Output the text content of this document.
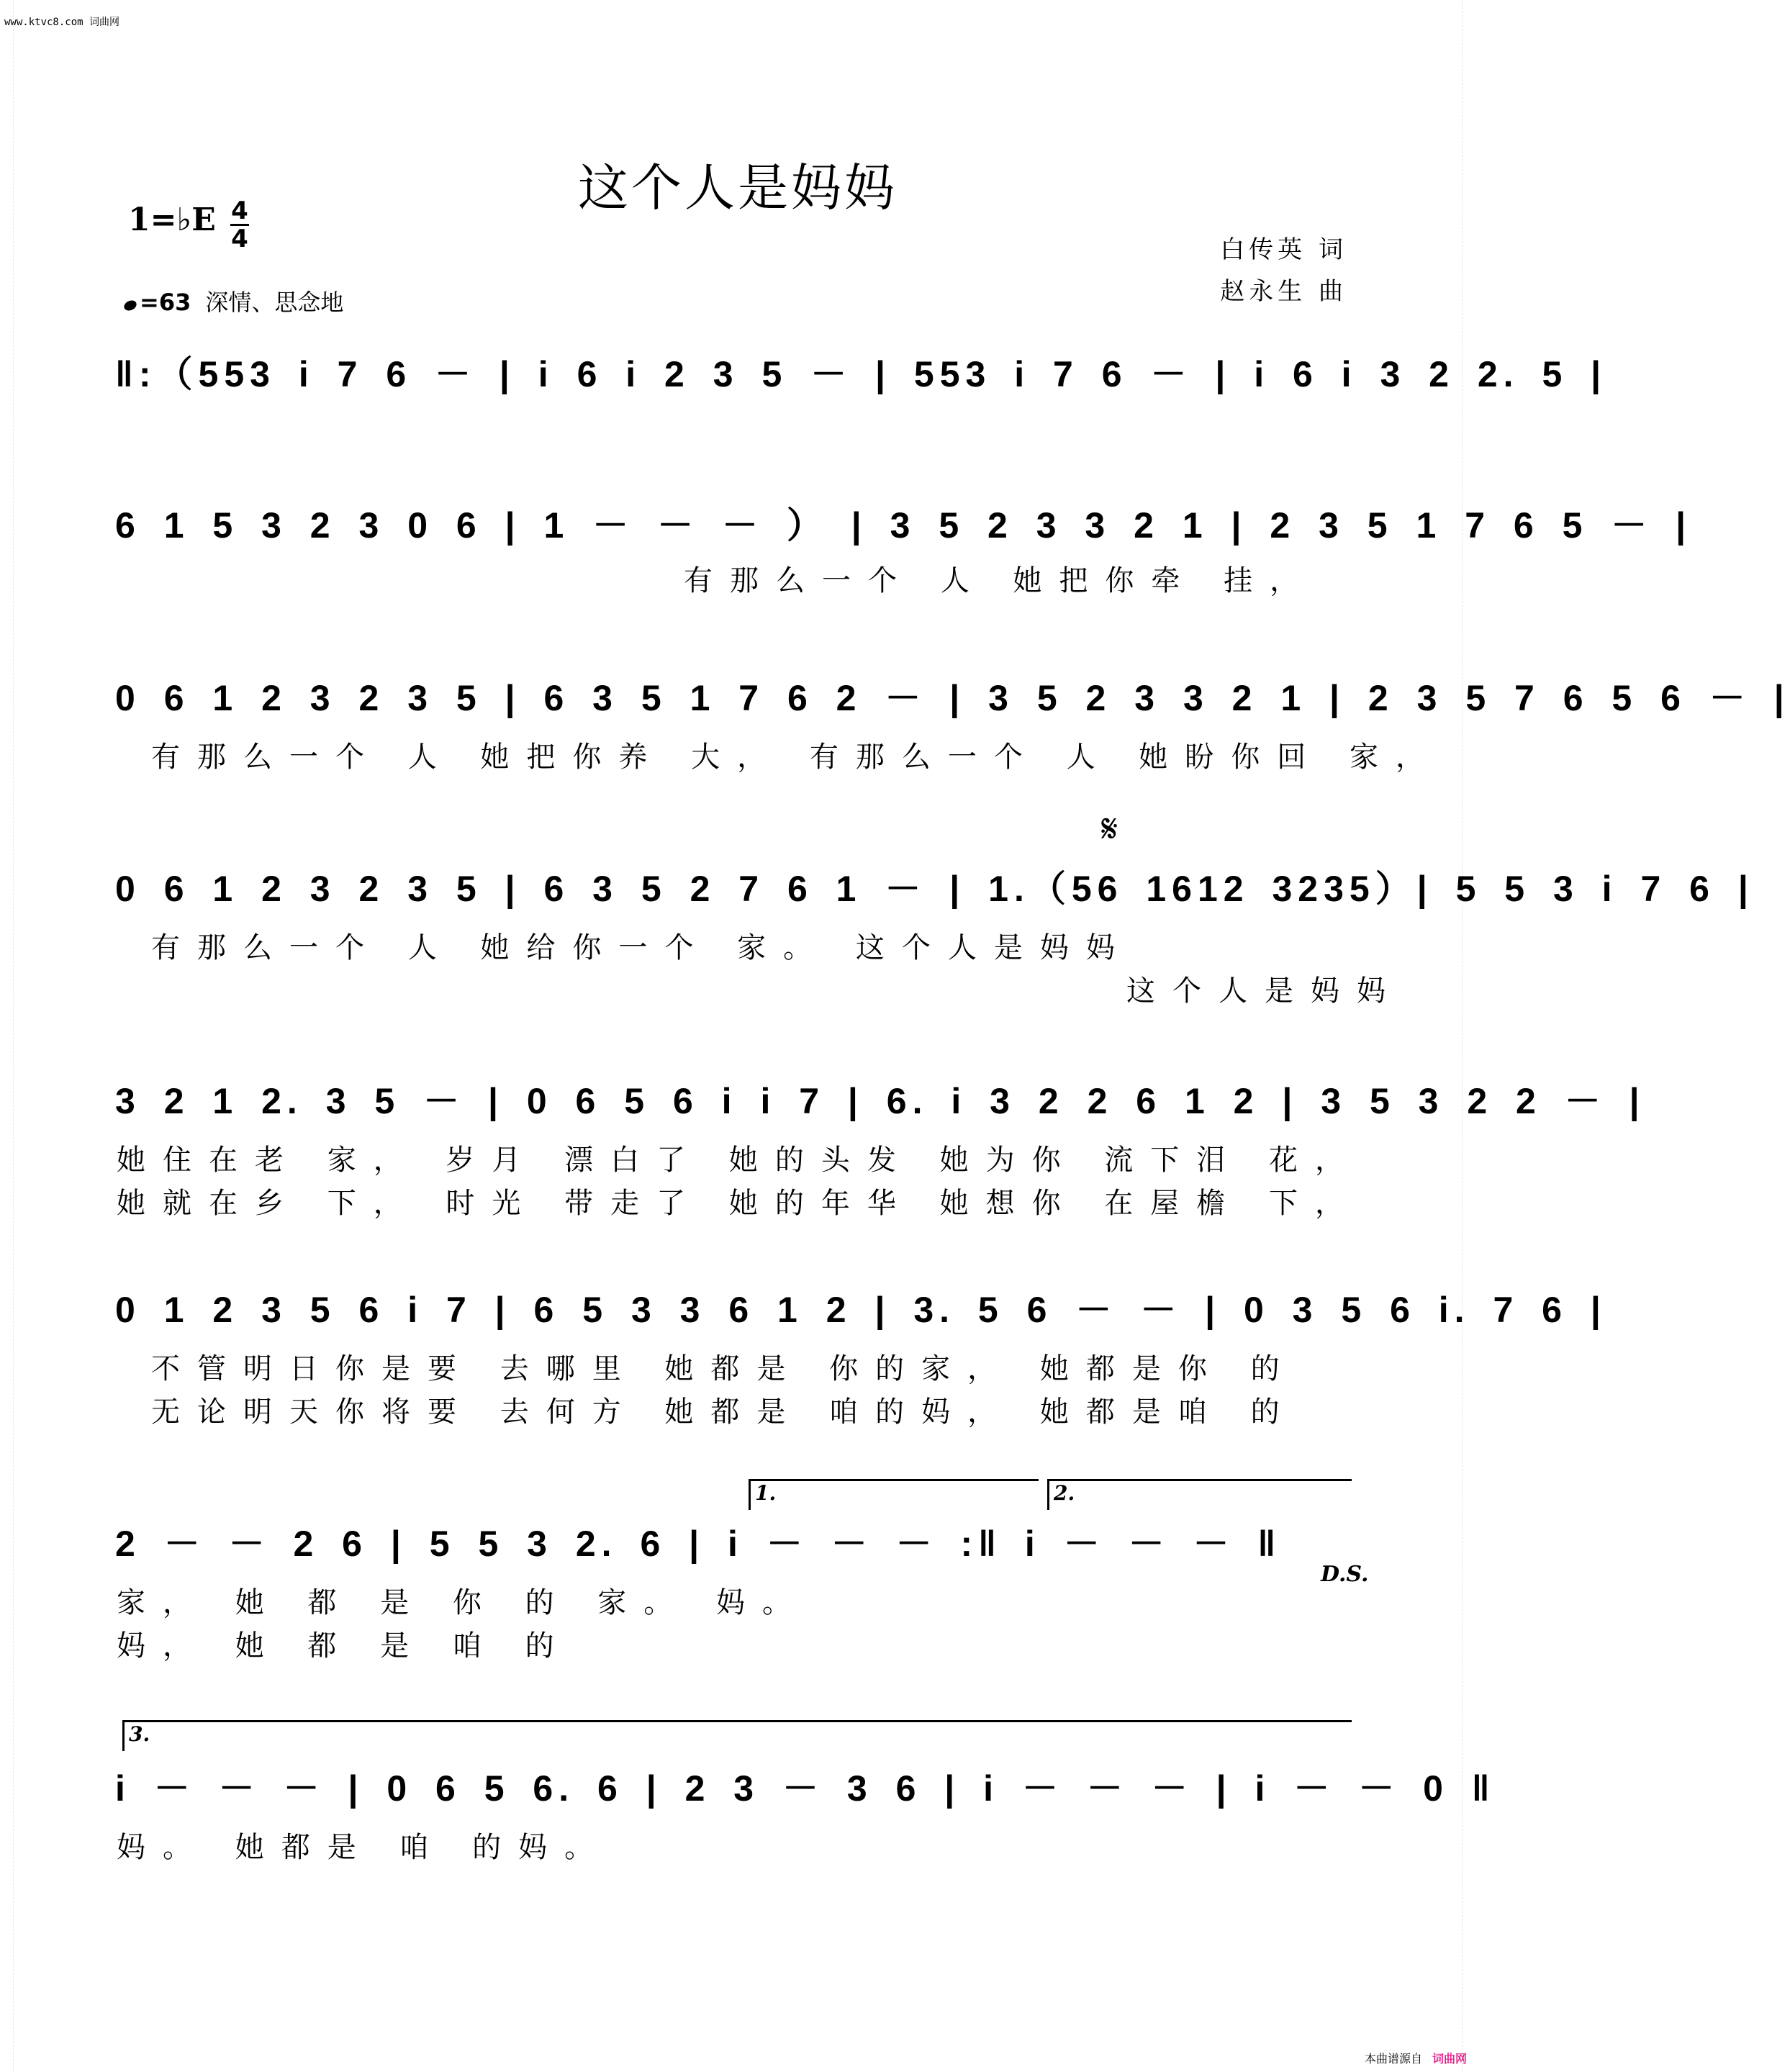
www.ktvc8.com 词曲网
这个人是妈妈
1=♭E 4
4
=63 深情、思念地
白传英 词
赵永生 曲
‖:（553 i 7 6 － | i 6 i 2 3 5 － | 553 i 7 6 － | i 6 i 3 2 2. 5 |
6 1 5 3 2 3 0 6 | 1 － － － ） | 3 5 2 3 3 2 1 | 2 3 5 1 7 6 5 － |
有那么一个 人 她把你牵 挂，
0 6 1 2 3 2 3 5 | 6 3 5 1 7 6 2 － | 3 5 2 3 3 2 1 | 2 3 5 7 6 5 6 － |
有那么一个 人 她把你养 大， 有那么一个 人 她盼你回 家，
𝄋
0 6 1 2 3 2 3 5 | 6 3 5 2 7 6 1 － | 1.（56 1612 3235）| 5 5 3 i 7 6 |
有那么一个 人 她给你一个 家。 这个人是妈妈
这个人是妈妈
3 2 1 2. 3 5 － | 0 6 5 6 i i 7 | 6. i 3 2 2 6 1 2 | 3 5 3 2 2 － |
她住在老 家， 岁月 漂白了 她的头发 她为你 流下泪 花，
她就在乡 下， 时光 带走了 她的年华 她想你 在屋檐 下，
0 1 2 3 5 6 i 7 | 6 5 3 3 6 1 2 | 3. 5 6 － － | 0 3 5 6 i. 7 6 |
不管明日你是要 去哪里 她都是 你的家， 她都是你 的
无论明天你将要 去何方 她都是 咱的妈， 她都是咱 的
1.	2.
2 － － 2 6 | 5 5 3 2. 6 | i － － － :‖ i － － － ‖
D.S.
家， 她 都 是 你 的 家。 妈。
妈， 她 都 是 咱 的
3.
i － － － | 0 6 5 6. 6 | 2 3 － 3 6 | i － － － | i － － 0 ‖
妈。 她都是 咱 的妈。
本曲谱源自 词曲网
